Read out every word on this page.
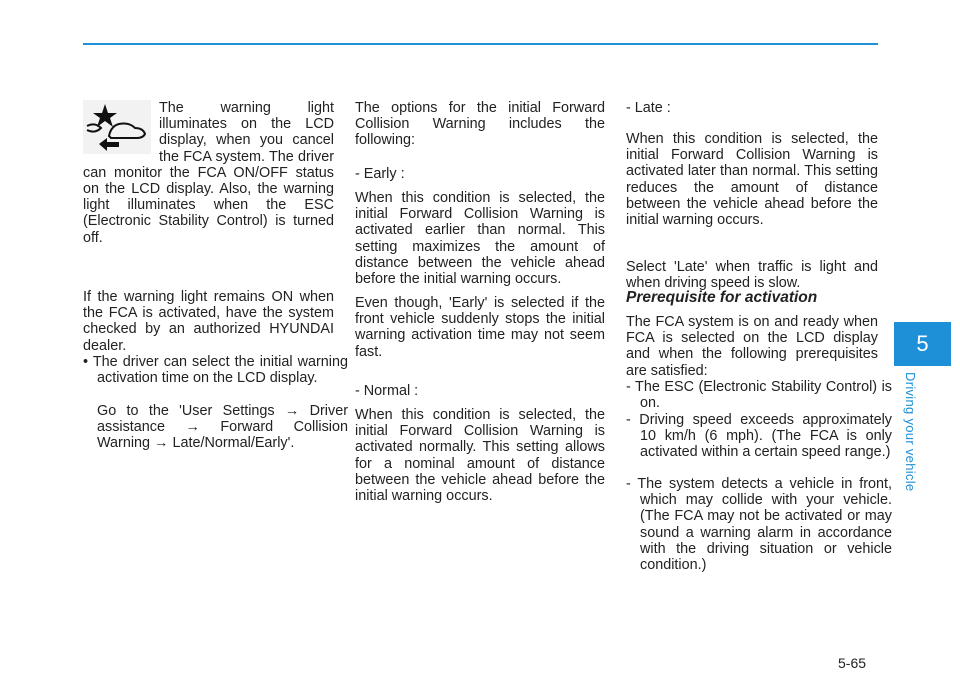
The warning light illuminates on the LCD display, when you cancel the FCA system. The driver can monitor the FCA ON/OFF status on the LCD display. Also, the warning light illuminates when the ESC (Electronic Stability Control) is turned off.

If the warning light remains ON when the FCA is activated, have the system checked by an authorized HYUNDAI dealer.

• The driver can select the initial warning activation time on the LCD display.

Go to the 'User Settings → Driver assistance → Forward Collision Warning → Late/Normal/Early'.

The options for the initial Forward Collision Warning includes the following:

- Early :

When this condition is selected, the initial Forward Collision Warning is activated earlier than normal. This setting maximizes the amount of distance between the vehicle ahead before the initial warning occurs.

Even though, 'Early' is selected if the front vehicle suddenly stops the initial warning activation time may not seem fast.

- Normal :

When this condition is selected, the initial Forward Collision Warning is activated normally. This setting allows for a nominal amount of distance between the vehicle ahead before the initial warning occurs.

- Late :

When this condition is selected, the initial Forward Collision Warning is activated later than normal. This setting reduces the amount of distance between the vehicle ahead before the initial warning occurs.

Select 'Late' when traffic is light and when driving speed is slow.

Prerequisite for activation

The FCA system is on and ready when FCA is selected on the LCD display and when the following prerequisites are satisfied:

- The ESC (Electronic Stability Control) is on.

- Driving speed exceeds approximately 10 km/h (6 mph). (The FCA is only activated within a certain speed range.)

- The system detects a vehicle in front, which may collide with your vehicle. (The FCA may not be activated or may sound a warning alarm in accordance with the driving situation or vehicle condition.)

5
Driving your vehicle
5-65
